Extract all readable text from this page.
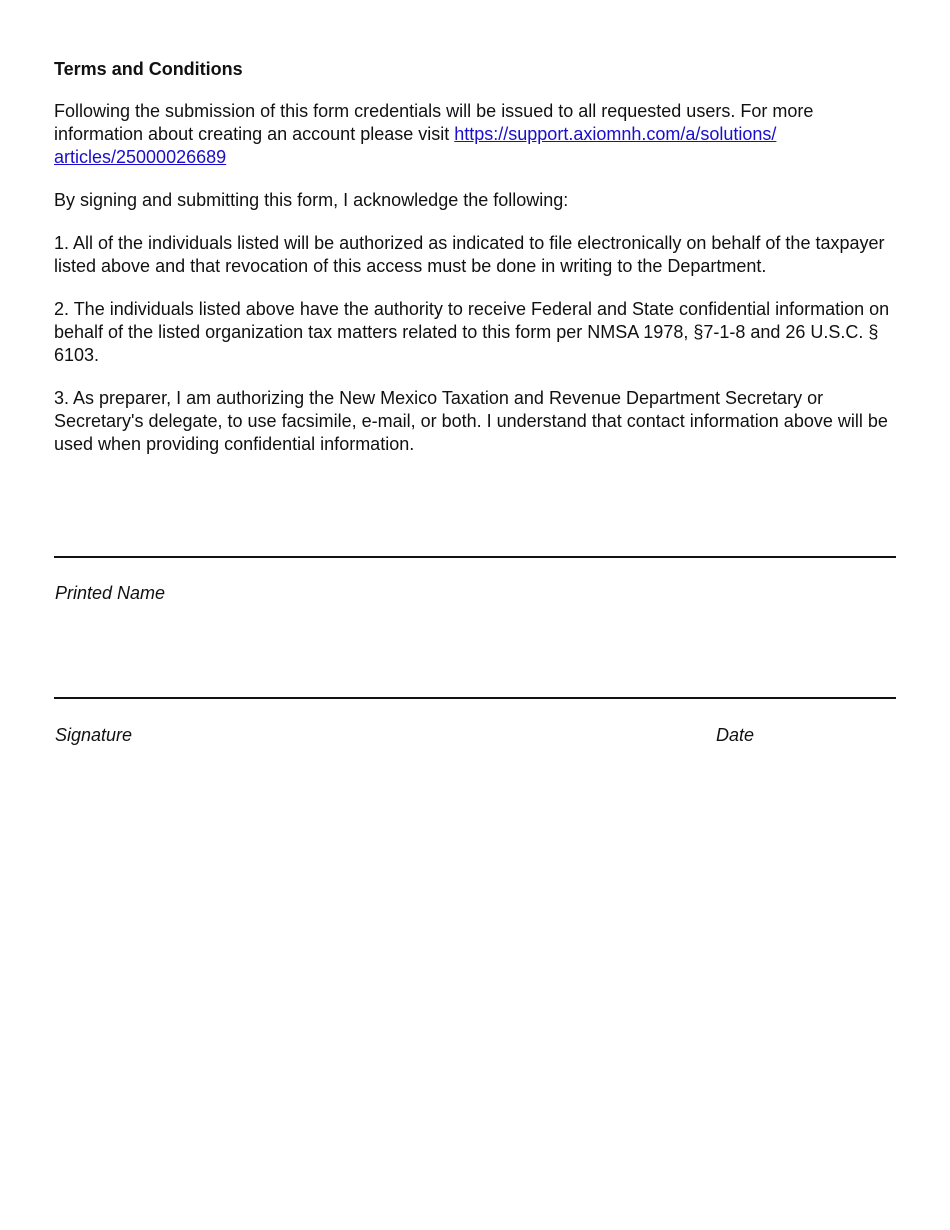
Terms and Conditions
Following the submission of this form credentials will be issued to all requested users. For more information about creating an account please visit https://support.axiomnh.com/a/solutions/
articles/25000026689
By signing and submitting this form, I acknowledge the following:
1. All of the individuals listed will be authorized as indicated to file electronically on behalf of the taxpayer listed above and that revocation of this access must be done in writing to the Department.
2. The individuals listed above have the authority to receive Federal and State confidential information on behalf of the listed organization tax matters related to this form per NMSA 1978, §7-1-8 and 26 U.S.C. § 6103.
3. As preparer, I am authorizing the New Mexico Taxation and Revenue Department Secretary or Secretary's delegate, to use facsimile, e-mail, or both. I understand that contact information above will be used when providing confidential information.
Printed Name
Signature	Date
